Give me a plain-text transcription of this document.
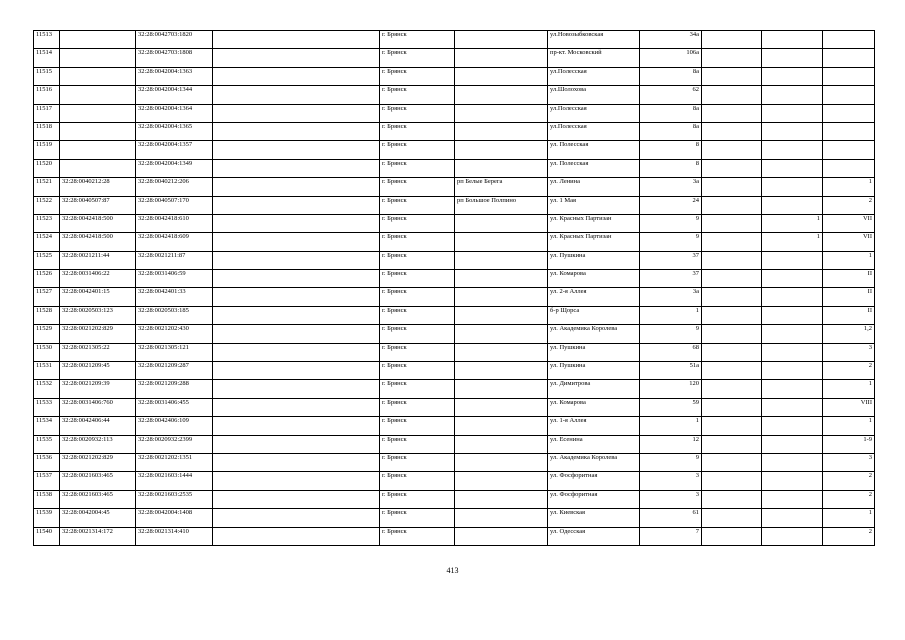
11513		32:28:0042703:1820		г. Брянск		ул.Новозыбковская	34а			
11514		32:28:0042703:1808		г. Брянск		пр-кт. Московский	106а			
11515		32:28:0042004:1363		г. Брянск		ул.Полесская	8а			
11516		32:28:0042004:1344		г. Брянск		ул.Шолохова	62			
11517		32:28:0042004:1364		г. Брянск		ул.Полесская	8а			
11518		32:28:0042004:1365		г. Брянск		ул.Полесская	8а			
11519		32:28:0042004:1357		г. Брянск		ул. Полесская	8			
11520		32:28:0042004:1349		г. Брянск		ул. Полесская	8			
11521	32:28:0040212:28	32:28:0040212:206		г. Брянск	рп Белые Берега	ул. Ленина	3а			1
11522	32:28:0040507:87	32:28:0040507:170		г. Брянск	рп Большое Полпино	ул. 1 Мая	24			2
11523	32:28:0042418:500	32:28:0042418:610		г. Брянск		ул. Красных Партизан	9		1	VII
11524	32:28:0042418:500	32:28:0042418:609		г. Брянск		ул. Красных Партизан	9		1	VII
11525	32:28:0021211:44	32:28:0021211:87		г. Брянск		ул. Пушкина	37			1
11526	32:28:0031406:22	32:28:0031406:59		г. Брянск		ул. Комарова	37			II
11527	32:28:0042401:15	32:28:0042401:33		г. Брянск		ул. 2-я Аллея	3а			II
11528	32:28:0020503:123	32:28:0020503:185		г. Брянск		б-р Щорса	1			II
11529	32:28:0021202:829	32:28:0021202:430		г. Брянск		ул. Академика Королева	9			1,2
11530	32:28:0021305:22	32:28:0021305:121		г. Брянск		ул. Пушкина	68			3
11531	32:28:0021209:45	32:28:0021209:287		г. Брянск		ул. Пушкина	51а			2
11532	32:28:0021209:39	32:28:0021209:288		г. Брянск		ул. Димитрова	120			1
11533	32:28:0031406:760	32:28:0031406:455		г. Брянск		ул. Комарова	59			VIII
11534	32:28:0042406:44	32:28:0042406:109		г. Брянск		ул. 1-я Аллея	1			1
11535	32:28:0020932:113	32:28:0020932:2399		г. Брянск		ул. Есенина	12			1-9
11536	32:28:0021202:829	32:28:0021202:1351		г. Брянск		ул. Академика Королева	9			3
11537	32:28:0021603:465	32:28:0021603:1444		г. Брянск		ул. Фосфоритная	3			2
11538	32:28:0021603:465	32:28:0021603:2535		г. Брянск		ул. Фосфоритная	3			2
11539	32:28:0042004:45	32:28:0042004:1408		г. Брянск		ул. Киевская	61			1
11540	32:28:0021314:172	32:28:0021314:410		г. Брянск		ул. Одесская	7			2
413
